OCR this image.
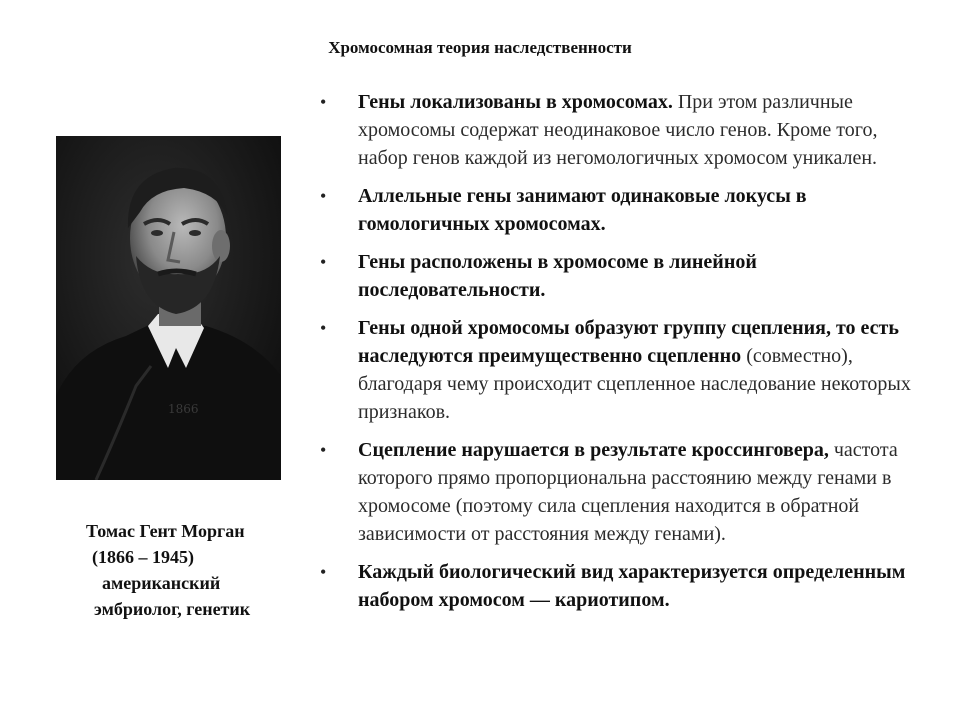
Хромосомная теория наследственности
1866
Томас Гент Морган
(1866 – 1945)
американский
эмбриолог, генетик
• Гены локализованы в хромосомах. При этом различные хромосомы содержат неодинаковое число генов. Кроме того, набор генов каждой из негомологичных хромосом уникален.
• Аллельные гены занимают одинаковые локусы в гомологичных хромосомах.
• Гены расположены в хромосоме в линейной последовательности.
• Гены одной хромосомы образуют группу сцепления, то есть наследуются преимущественно сцепленно (совместно), благодаря чему происходит сцепленное наследование некоторых признаков.
• Сцепление нарушается в результате кроссинговера, частота которого прямо пропорциональна расстоянию между генами в хромосоме (поэтому сила сцепления находится в обратной зависимости от расстояния между генами).
• Каждый биологический вид характеризуется определенным набором хромосом — кариотипом.
